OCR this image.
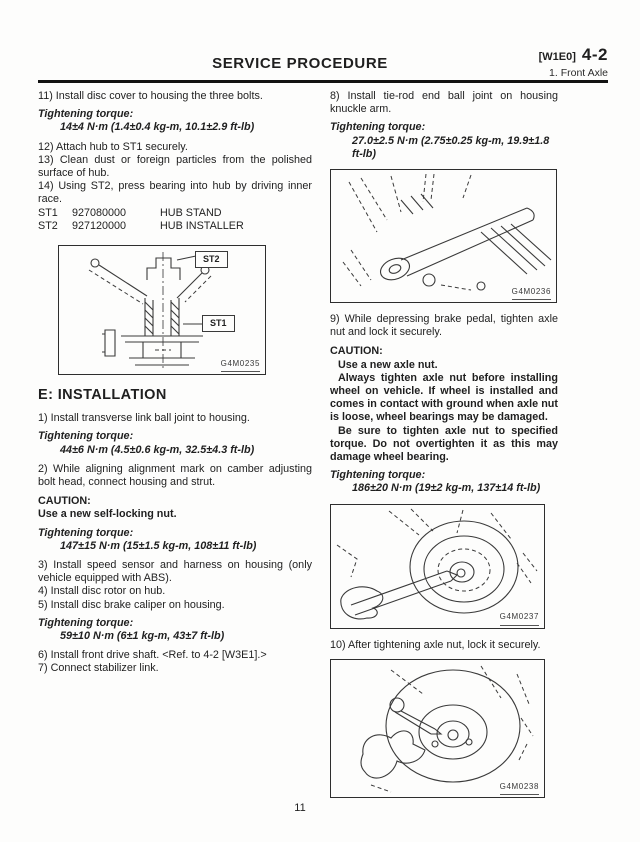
SERVICE PROCEDURE	[W1E0] 4-2
1. Front Axle

11) Install disc cover to housing the three bolts.

Tightening torque:

14±4 N·m (1.4±0.4 kg-m, 10.1±2.9 ft-lb)

12) Attach hub to ST1 securely.

13) Clean dust or foreign particles from the polished surface of hub.

14) Using ST2, press bearing into hub by driving inner race.

ST1 927080000	HUB STAND
ST2 927120000	HUB INSTALLER
ST2
ST1
G4M0235
E: INSTALLATION

1) Install transverse link ball joint to housing.

Tightening torque:

44±6 N·m (4.5±0.6 kg-m, 32.5±4.3 ft-lb)

2) While aligning alignment mark on camber adjusting bolt head, connect housing and strut.

CAUTION:

Use a new self-locking nut.

Tightening torque:

147±15 N·m (15±1.5 kg-m, 108±11 ft-lb)

3) Install speed sensor and harness on housing (only vehicle equipped with ABS).

4) Install disc rotor on hub.

5) Install disc brake caliper on housing.

Tightening torque:

59±10 N·m (6±1 kg-m, 43±7 ft-lb)

6) Install front drive shaft. <Ref. to 4-2 [W3E1].>

7) Connect stabilizer link.

8) Install tie-rod end ball joint on housing knuckle arm.

Tightening torque:

27.0±2.5 N·m (2.75±0.25 kg-m, 19.9±1.8 ft-lb)

G4M0236

9) While depressing brake pedal, tighten axle nut and lock it securely.

CAUTION:

Use a new axle nut.

Always tighten axle nut before installing wheel on vehicle. If wheel is installed and comes in contact with ground when axle nut is loose, wheel bearings may be damaged.

Be sure to tighten axle nut to specified torque. Do not overtighten it as this may damage wheel bearing.

Tightening torque:

186±20 N·m (19±2 kg-m, 137±14 ft-lb)

G4M0237

10) After tightening axle nut, lock it securely.

G4M0238
11
